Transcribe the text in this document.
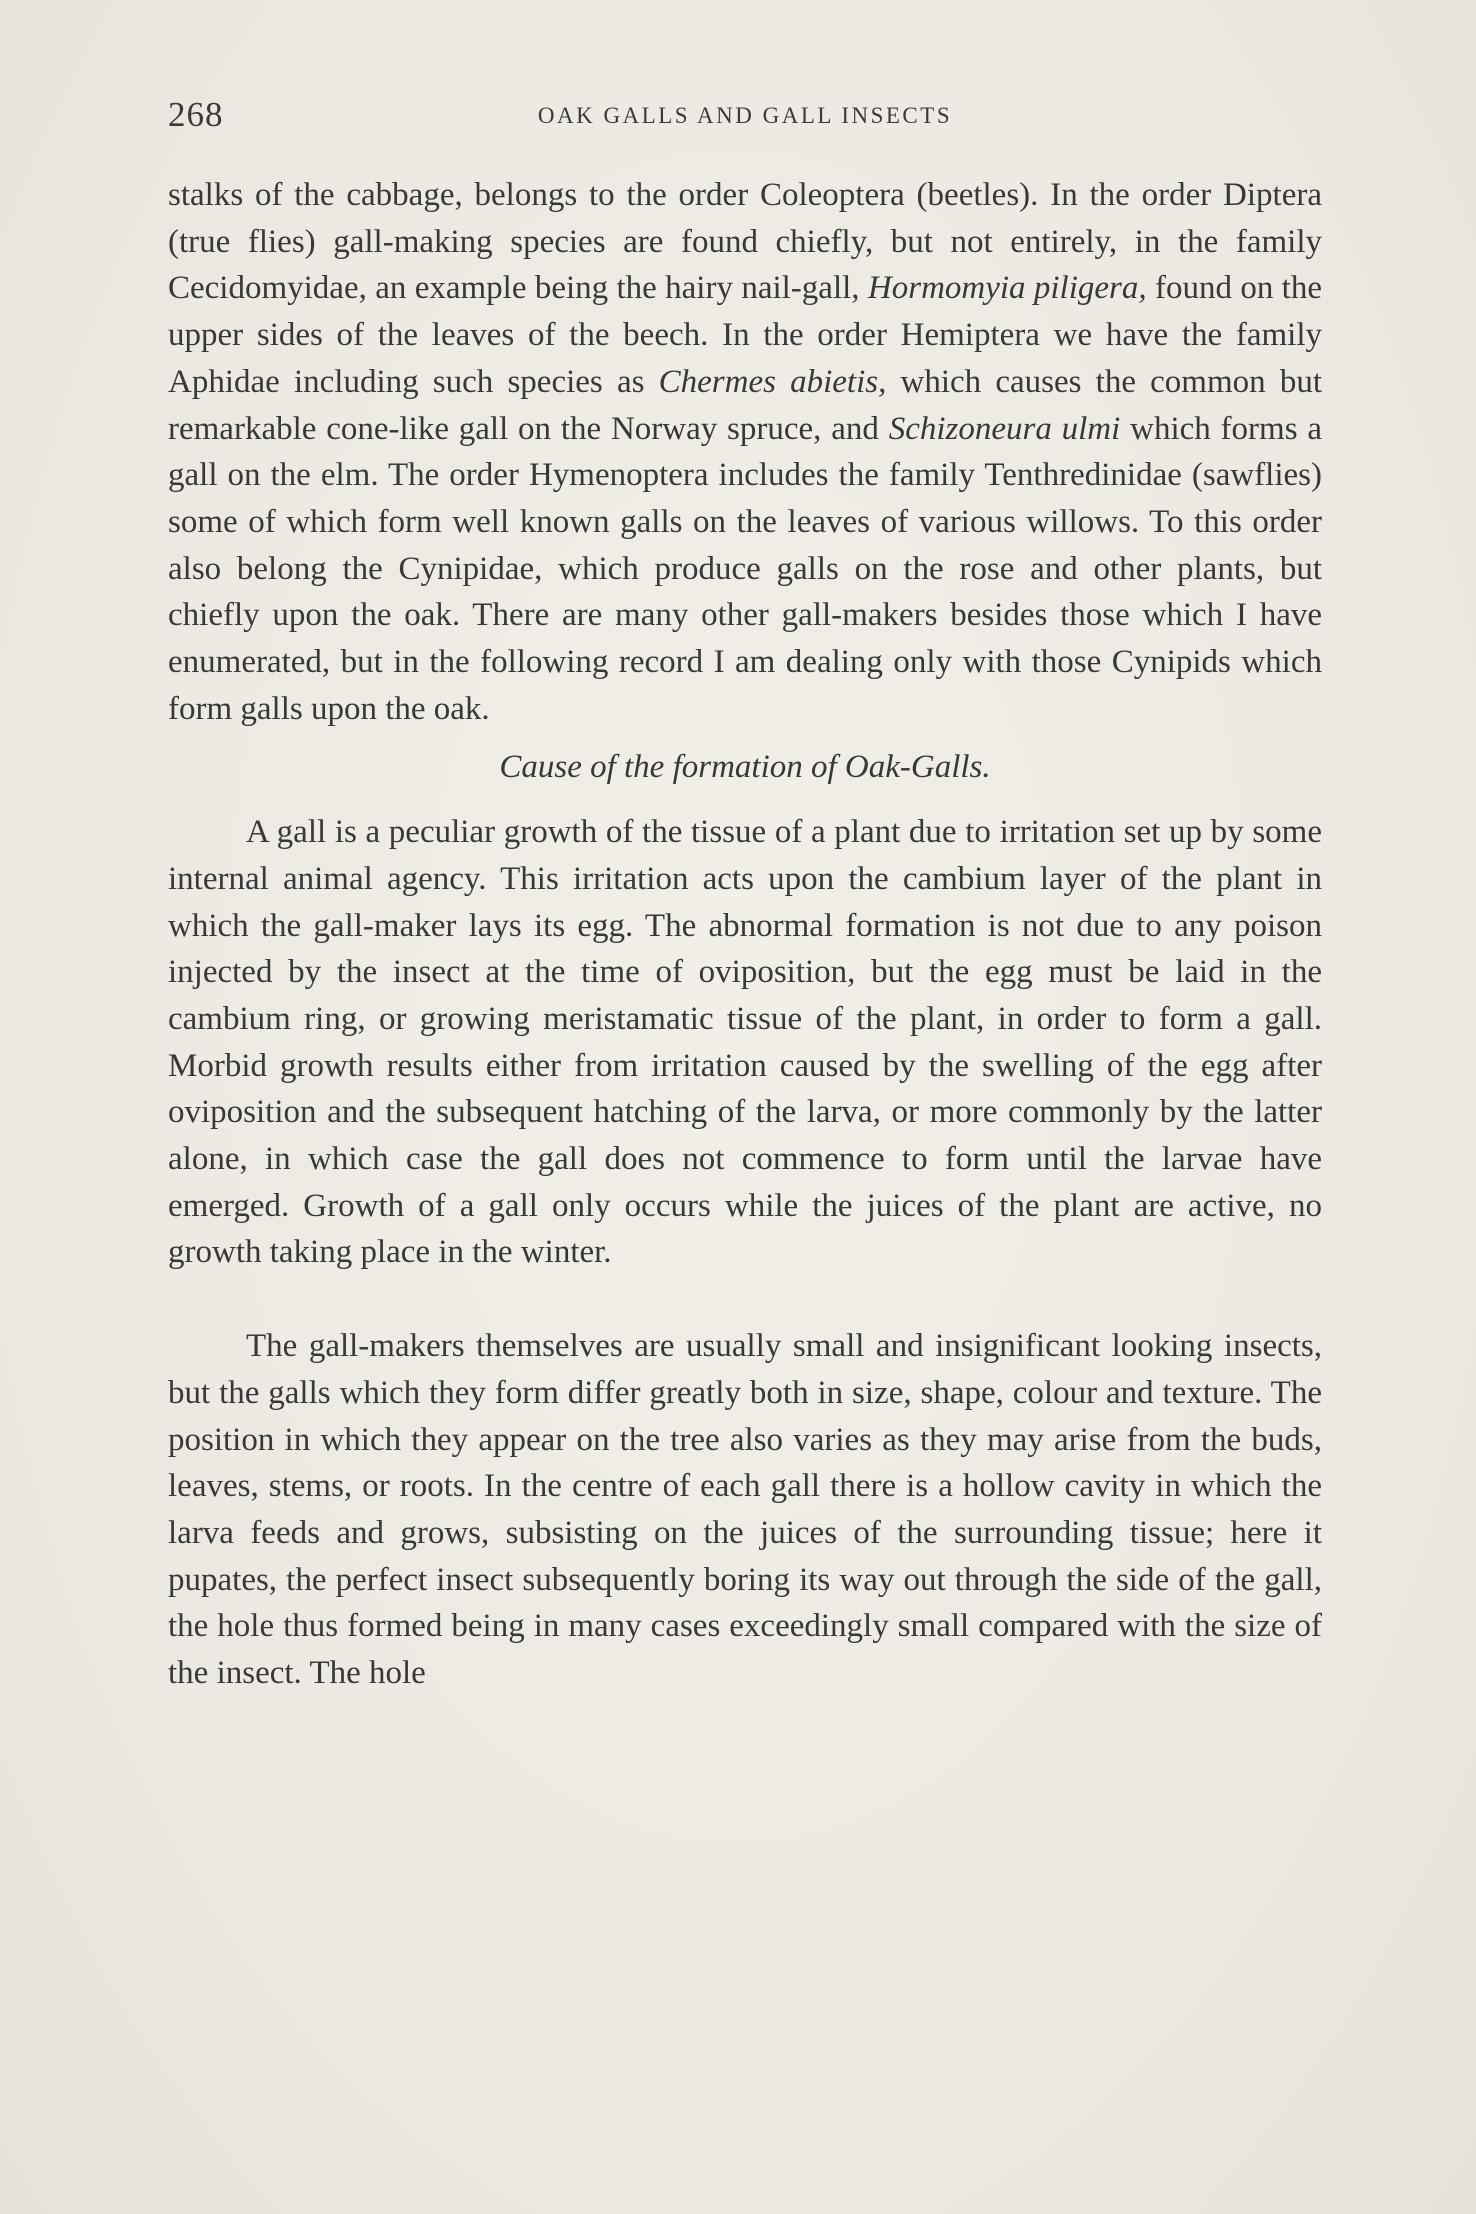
268	OAK GALLS AND GALL INSECTS

stalks of the cabbage, belongs to the order Coleoptera (beetles). In the order Diptera (true flies) gall-making species are found chiefly, but not entirely, in the family Cecidomyidae, an example being the hairy nail-gall, Hormomyia piligera, found on the upper sides of the leaves of the beech. In the order Hemiptera we have the family Aphidae including such species as Chermes abietis, which causes the common but remarkable cone-like gall on the Norway spruce, and Schizoneura ulmi which forms a gall on the elm. The order Hymenoptera includes the family Tenthredinidae (sawflies) some of which form well known galls on the leaves of various willows. To this order also belong the Cynipidae, which produce galls on the rose and other plants, but chiefly upon the oak. There are many other gall-makers besides those which I have enumerated, but in the following record I am dealing only with those Cynipids which form galls upon the oak.

Cause of the formation of Oak-Galls.

A gall is a peculiar growth of the tissue of a plant due to irritation set up by some internal animal agency. This irritation acts upon the cambium layer of the plant in which the gall-maker lays its egg. The abnormal formation is not due to any poison injected by the insect at the time of oviposition, but the egg must be laid in the cambium ring, or growing meristamatic tissue of the plant, in order to form a gall. Morbid growth results either from irritation caused by the swelling of the egg after oviposition and the subsequent hatching of the larva, or more commonly by the latter alone, in which case the gall does not commence to form until the larvae have emerged. Growth of a gall only occurs while the juices of the plant are active, no growth taking place in the winter.

The gall-makers themselves are usually small and insignificant looking insects, but the galls which they form differ greatly both in size, shape, colour and texture. The position in which they appear on the tree also varies as they may arise from the buds, leaves, stems, or roots. In the centre of each gall there is a hollow cavity in which the larva feeds and grows, subsisting on the juices of the surrounding tissue; here it pupates, the perfect insect subsequently boring its way out through the side of the gall, the hole thus formed being in many cases exceedingly small compared with the size of the insect. The hole
